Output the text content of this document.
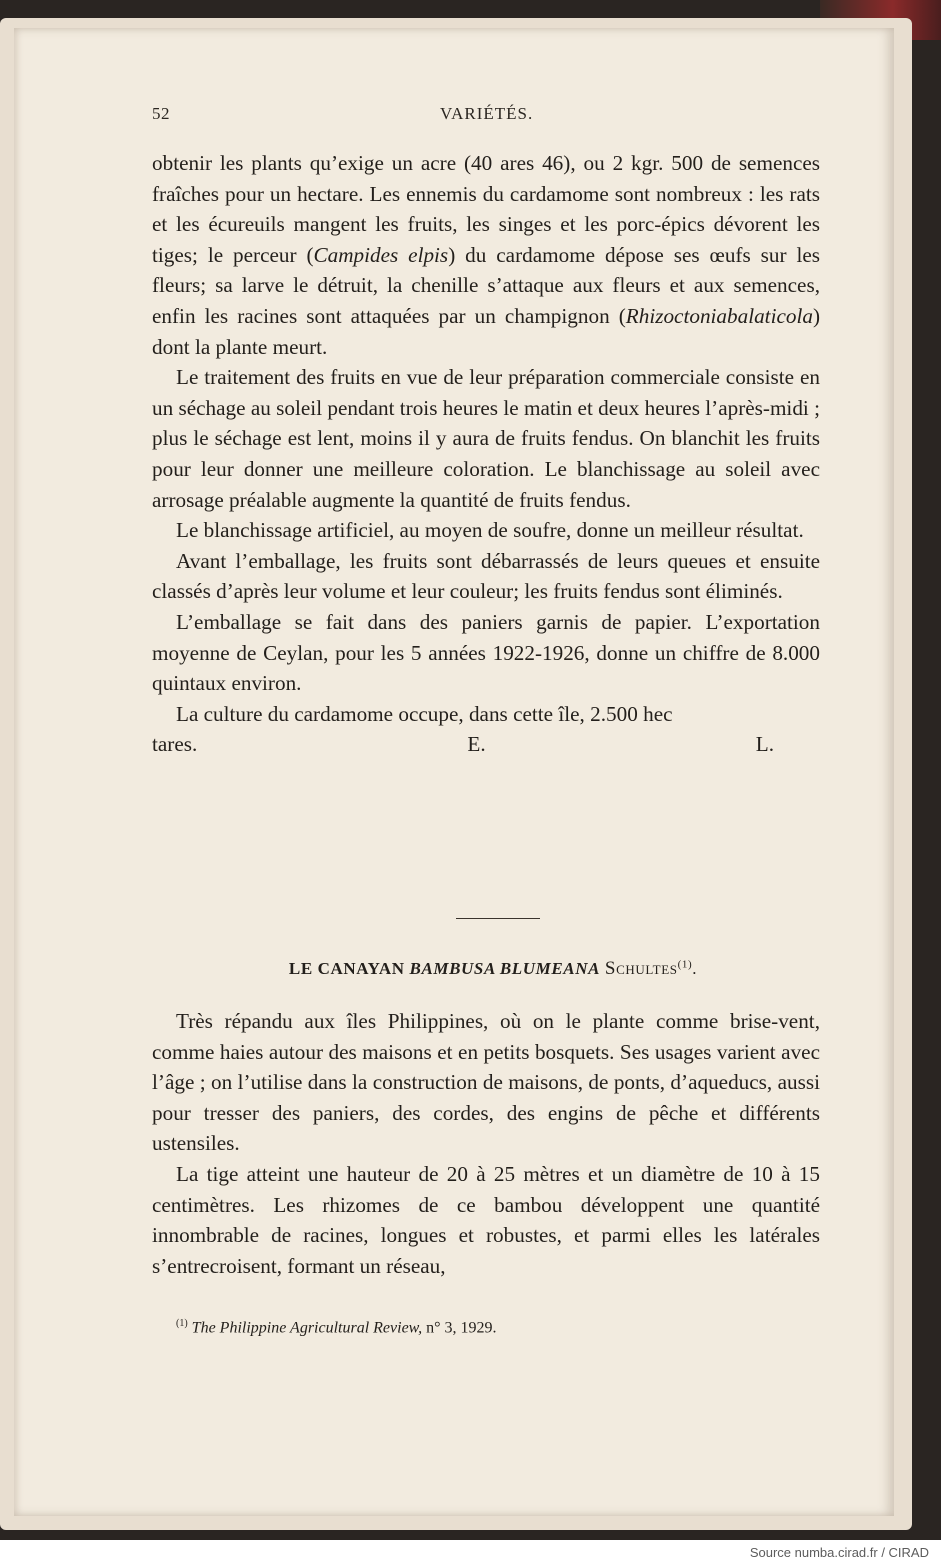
52	VARIÉTÉS.

obtenir les plants qu’exige un acre (40 ares 46), ou 2 kgr. 500 de semences fraîches pour un hectare. Les ennemis du cardamome sont nombreux : les rats et les écureuils mangent les fruits, les singes et les porc-épics dévorent les tiges; le perceur (Campides elpis) du cardamome dépose ses œufs sur les fleurs; sa larve le détruit, la chenille s’attaque aux fleurs et aux semences, enfin les racines sont attaquées par un champignon (Rhizoctoniabalaticola) dont la plante meurt.

Le traitement des fruits en vue de leur préparation commerciale consiste en un séchage au soleil pendant trois heures le matin et deux heures l’après-midi ; plus le séchage est lent, moins il y aura de fruits fendus. On blanchit les fruits pour leur donner une meilleure coloration. Le blanchissage au soleil avec arrosage préalable augmente la quantité de fruits fendus.

Le blanchissage artificiel, au moyen de soufre, donne un meilleur résultat.

Avant l’emballage, les fruits sont débarrassés de leurs queues et ensuite classés d’après leur volume et leur couleur; les fruits fendus sont éliminés.

L’emballage se fait dans des paniers garnis de papier. L’exportation moyenne de Ceylan, pour les 5 années 1922-1926, donne un chiffre de 8.000 quintaux environ.

La culture du cardamome occupe, dans cette île, 2.500 hec

tares.	E. L.

LE CANAYAN BAMBUSA BLUMEANA Schultes$^{(1)}$.

Très répandu aux îles Philippines, où on le plante comme brise-vent, comme haies autour des maisons et en petits bosquets. Ses usages varient avec l’âge ; on l’utilise dans la construction de maisons, de ponts, d’aqueducs, aussi pour tresser des paniers, des cordes, des engins de pêche et différents ustensiles.

La tige atteint une hauteur de 20 à 25 mètres et un diamètre de 10 à 15 centimètres. Les rhizomes de ce bambou développent une quantité innombrable de racines, longues et robustes, et parmi elles les latérales s’entrecroisent, formant un réseau,

$^{(1)}$ The Philippine Agricultural Review, n° 3, 1929.
Source numba.cirad.fr / CIRAD
